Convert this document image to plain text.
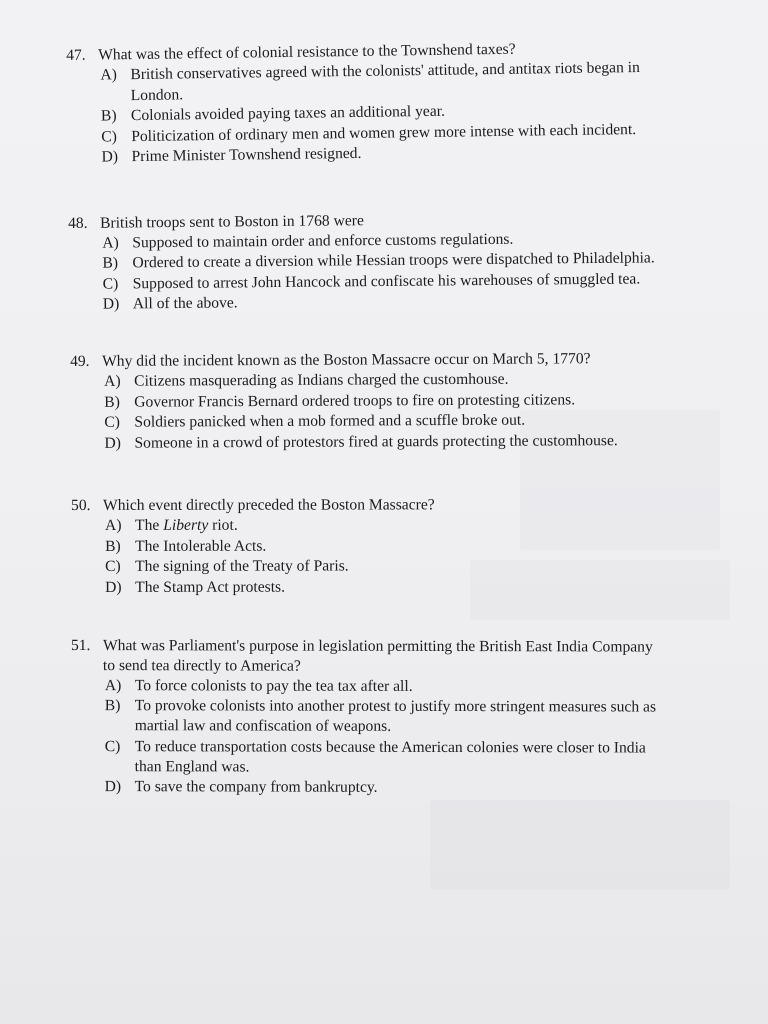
47. What was the effect of colonial resistance to the Townshend taxes?
A) British conservatives agreed with the colonists' attitude, and antitax riots began in
London.
B) Colonials avoided paying taxes an additional year.
C) Politicization of ordinary men and women grew more intense with each incident.
D) Prime Minister Townshend resigned.
48. British troops sent to Boston in 1768 were
A) Supposed to maintain order and enforce customs regulations.
B) Ordered to create a diversion while Hessian troops were dispatched to Philadelphia.
C) Supposed to arrest John Hancock and confiscate his warehouses of smuggled tea.
D) All of the above.
49. Why did the incident known as the Boston Massacre occur on March 5, 1770?
A) Citizens masquerading as Indians charged the customhouse.
B) Governor Francis Bernard ordered troops to fire on protesting citizens.
C) Soldiers panicked when a mob formed and a scuffle broke out.
D) Someone in a crowd of protestors fired at guards protecting the customhouse.
50. Which event directly preceded the Boston Massacre?
A) The Liberty riot.
B) The Intolerable Acts.
C) The signing of the Treaty of Paris.
D) The Stamp Act protests.
51. What was Parliament's purpose in legislation permitting the British East India Company
to send tea directly to America?
A) To force colonists to pay the tea tax after all.
B) To provoke colonists into another protest to justify more stringent measures such as
martial law and confiscation of weapons.
C) To reduce transportation costs because the American colonies were closer to India
than England was.
D) To save the company from bankruptcy.
